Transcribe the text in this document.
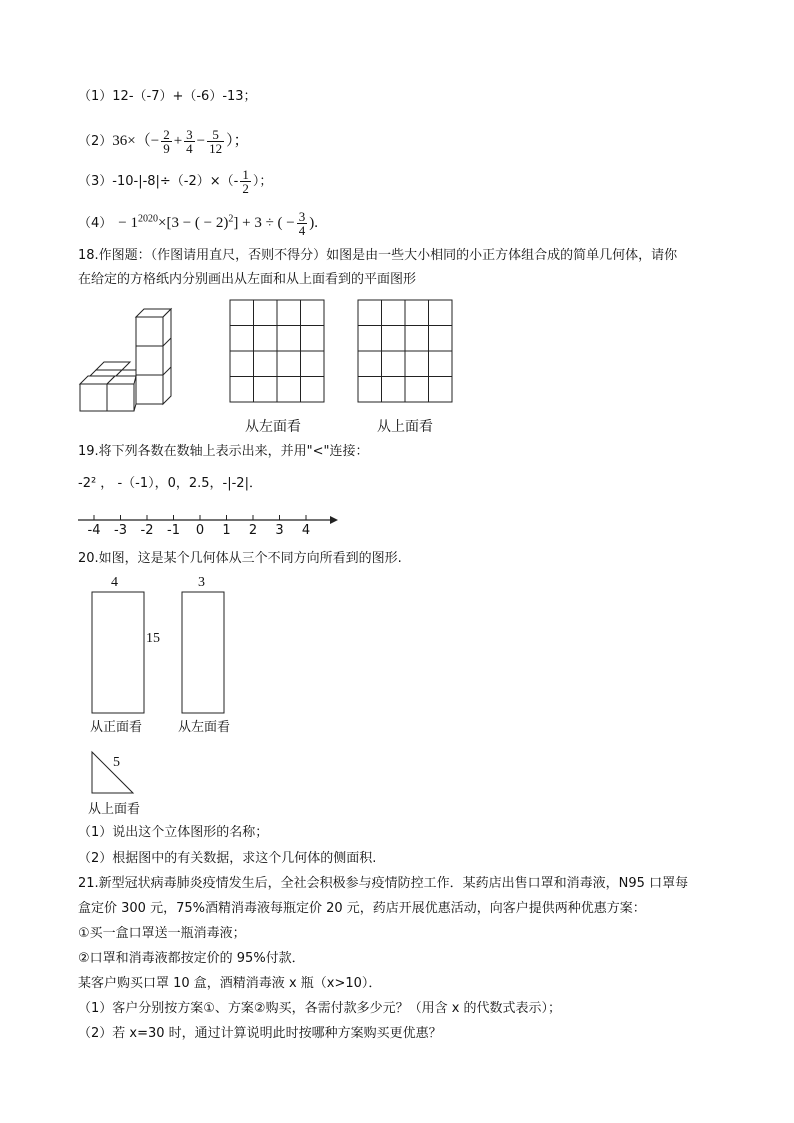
（1）12-（-7）+（-6）-13；
$(2)36\times(- \frac{2}{9} + \frac{3}{4} - \frac{5}{12}$ ）；
$(3)-10-|-8|\div(-2)\times(- \frac{1}{2}$ ）；
$(4) - 1^{2020}\times[3$ − ( − 2)$^2$] + 3 ÷ ( − $\frac{3}{4}$ ).
18.作图题：（作图请用直尺，否则不得分）如图是由一些大小相同的小正方体组合成的简单几何体，请你
在给定的方格纸内分别画出从左面和从上面看到的平面图形
从左面看	从上面看
19.将下列各数在数轴上表示出来，并用"<"连接：
-2² ， -（-1），0，2.5，-|-2|．
-4 -3 -2 -1	0	1	2	3	4
20.如图，这是某个几何体从三个不同方向所看到的图形.
4
15
3
5
从正面看	从左面看
从上面看
（1）说出这个立体图形的名称；
（2）根据图中的有关数据，求这个几何体的侧面积.
21.新型冠状病毒肺炎疫情发生后，全社会积极参与疫情防控工作．某药店出售口罩和消毒液，N95 口罩每
盒定价 300 元，75%酒精消毒液每瓶定价 20 元，药店开展优惠活动，向客户提供两种优惠方案：
①买一盒口罩送一瓶消毒液；
②口罩和消毒液都按定价的 95%付款．
某客户购买口罩 10 盒，酒精消毒液 x 瓶（x>10）．
（1）客户分别按方案①、方案②购买，各需付款多少元？（用含 x 的代数式表示）；
（2）若 x=30 时，通过计算说明此时按哪种方案购买更优惠？
